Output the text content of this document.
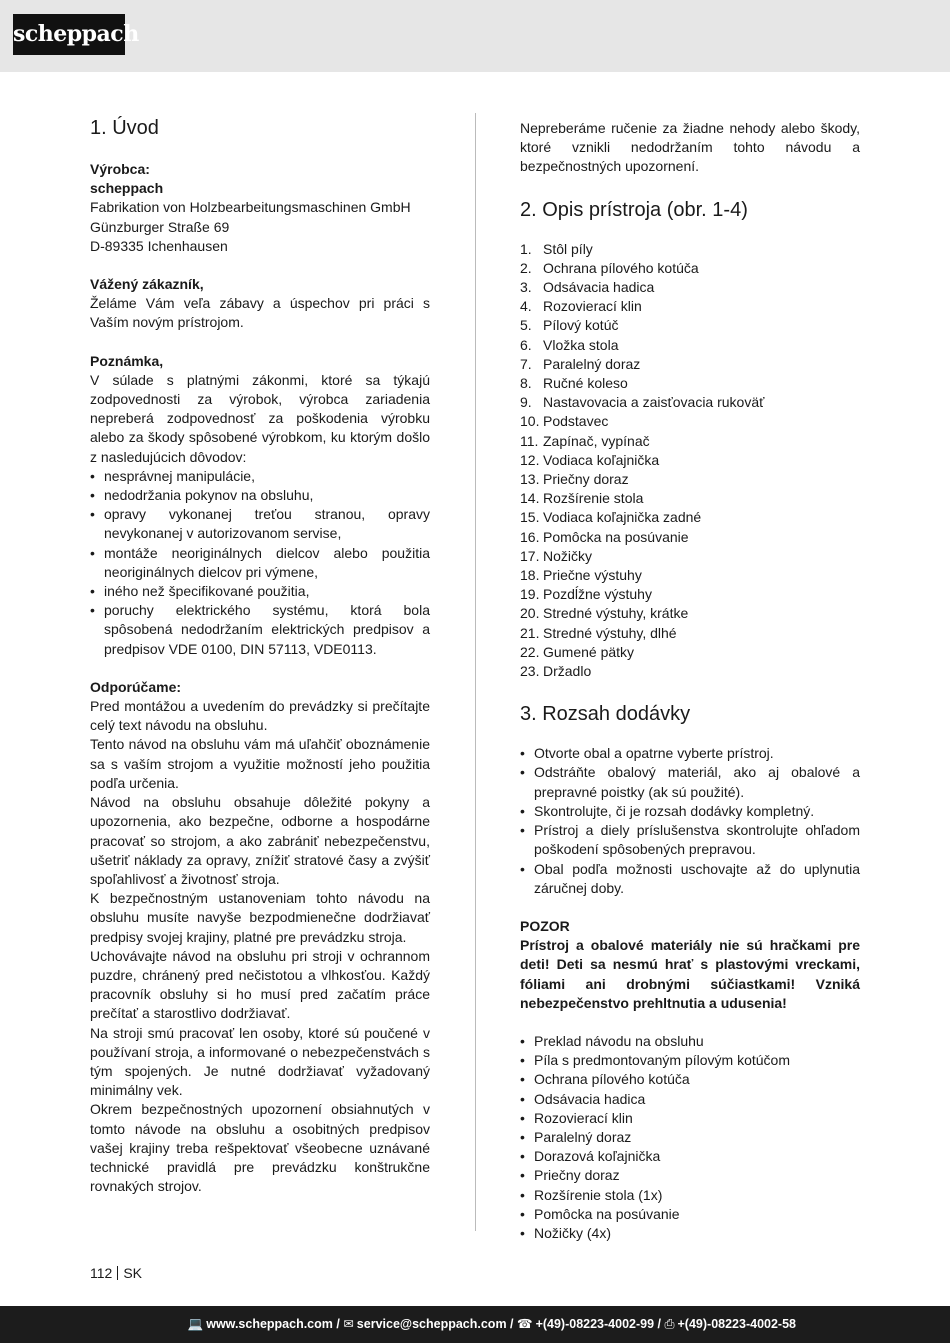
scheppach
1. Úvod
Výrobca:
scheppach
Fabrikation von Holzbearbeitungsmaschinen GmbH
Günzburger Straße 69
D-89335 Ichenhausen
Vážený zákazník,

Želáme Vám veľa zábavy a úspechov pri práci s Vaším novým prístrojom.

Poznámka,

V súlade s platnými zákonmi, ktoré sa týkajú zodpovednosti za výrobok, výrobca zariadenia nepreberá zodpovednosť za poškodenia výrobku alebo za škody spôsobené výrobkom, ku ktorým došlo z nasledujúcich dôvodov:

• nesprávnej manipulácie,
• nedodržania pokynov na obsluhu,
• opravy vykonanej treťou stranou, opravy nevykonanej v autorizovanom servise,
• montáže neoriginálnych dielcov alebo použitia neoriginálnych dielcov pri výmene,
• iného než špecifikované použitia,
• poruchy elektrického systému, ktorá bola spôsobená nedodržaním elektrických predpisov a predpisov VDE 0100, DIN 57113, VDE0113.
Odporúčame:

Pred montážou a uvedením do prevádzky si prečítajte celý text návodu na obsluhu.

Tento návod na obsluhu vám má uľahčiť oboznámenie sa s vaším strojom a využitie možností jeho použitia podľa určenia.

Návod na obsluhu obsahuje dôležité pokyny a upozornenia, ako bezpečne, odborne a hospodárne pracovať so strojom, a ako zabrániť nebezpečenstvu, ušetriť náklady za opravy, znížiť stratové časy a zvýšiť spoľahlivosť a životnosť stroja.

K bezpečnostným ustanoveniam tohto návodu na obsluhu musíte navyše bezpodmienečne dodržiavať predpisy svojej krajiny, platné pre prevádzku stroja.

Uchovávajte návod na obsluhu pri stroji v ochrannom puzdre, chránený pred nečistotou a vlhkosťou. Každý pracovník obsluhy si ho musí pred začatím práce prečítať a starostlivo dodržiavať.

Na stroji smú pracovať len osoby, ktoré sú poučené v používaní stroja, a informované o nebezpečenstvách s tým spojených. Je nutné dodržiavať vyžadovaný minimálny vek.

Okrem bezpečnostných upozornení obsiahnutých v tomto návode na obsluhu a osobitných predpisov vašej krajiny treba rešpektovať všeobecne uznávané technické pravidlá pre prevádzku konštrukčne rovnakých strojov.

Nepreberáme ručenie za žiadne nehody alebo škody, ktoré vznikli nedodržaním tohto návodu a bezpečnostných upozornení.

2. Opis prístroja (obr. 1-4)
1. Stôl píly
2. Ochrana pílového kotúča
3. Odsávacia hadica
4. Rozovierací klin
5. Pílový kotúč
6. Vložka stola
7. Paralelný doraz
8. Ručné koleso
9. Nastavovacia a zaisťovacia rukoväť
10. Podstavec
11. Zapínač, vypínač
12. Vodiaca koľajnička
13. Priečny doraz
14. Rozšírenie stola
15. Vodiaca koľajnička zadné
16. Pomôcka na posúvanie
17. Nožičky
18. Priečne výstuhy
19. Pozdĺžne výstuhy
20. Stredné výstuhy, krátke
21. Stredné výstuhy, dlhé
22. Gumené pätky
23. Držadlo
3. Rozsah dodávky
• Otvorte obal a opatrne vyberte prístroj.
• Odstráňte obalový materiál, ako aj obalové a prepravné poistky (ak sú použité).
• Skontrolujte, či je rozsah dodávky kompletný.
• Prístroj a diely príslušenstva skontrolujte ohľadom poškodení spôsobených prepravou.
• Obal podľa možnosti uschovajte až do uplynutia záručnej doby.
POZOR

Prístroj a obalové materiály nie sú hračkami pre deti! Deti sa nesmú hrať s plastovými vreckami, fóliami ani drobnými súčiastkami! Vzniká nebezpečenstvo prehltnutia a udusenia!

• Preklad návodu na obsluhu
• Píla s predmontovaným pílovým kotúčom
• Ochrana pílového kotúča
• Odsávacia hadica
• Rozovierací klin
• Paralelný doraz
• Dorazová koľajnička
• Priečny doraz
• Rozšírenie stola (1x)
• Pomôcka na posúvanie
• Nožičky (4x)
112 SK
💻 www.scheppach.com / ✉ service@scheppach.com / ☎ +(49)-08223-4002-99 / ⎙ +(49)-08223-4002-58
